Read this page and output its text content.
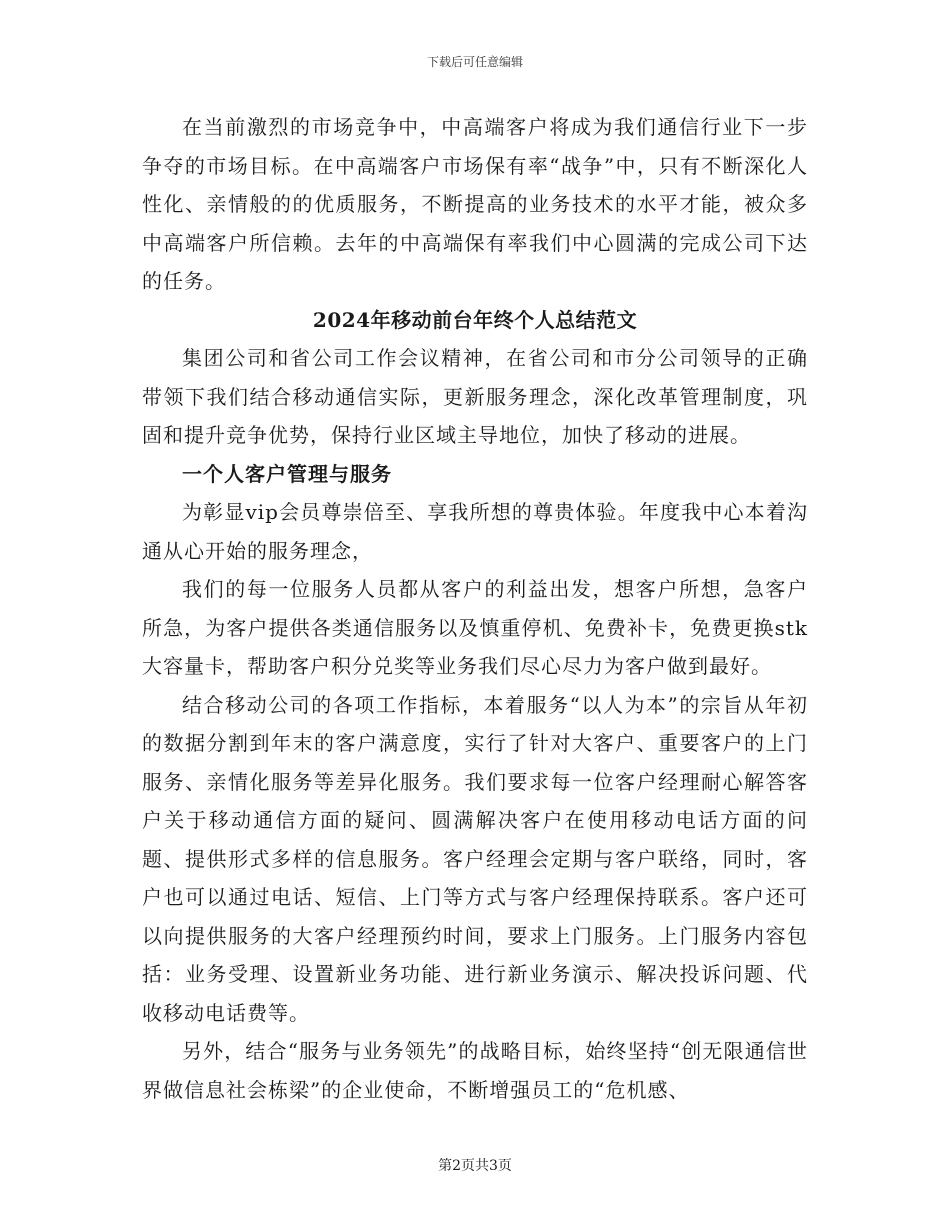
下载后可任意编辑

在当前激烈的市场竞争中，中高端客户将成为我们通信行业下一步争夺的市场目标。在中高端客户市场保有率“战争”中，只有不断深化人性化、亲情般的的优质服务，不断提高的业务技术的水平才能，被众多中高端客户所信赖。去年的中高端保有率我们中心圆满的完成公司下达的任务。

2024年移动前台年终个人总结范文

集团公司和省公司工作会议精神，在省公司和市分公司领导的正确带领下我们结合移动通信实际，更新服务理念，深化改革管理制度，巩固和提升竞争优势，保持行业区域主导地位，加快了移动的进展。

一个人客户管理与服务

为彰显vip会员尊崇倍至、享我所想的尊贵体验。年度我中心本着沟通从心开始的服务理念，

我们的每一位服务人员都从客户的利益出发，想客户所想，急客户所急，为客户提供各类通信服务以及慎重停机、免费补卡，免费更换stk大容量卡，帮助客户积分兑奖等业务我们尽心尽力为客户做到最好。

结合移动公司的各项工作指标，本着服务“以人为本”的宗旨从年初的数据分割到年末的客户满意度，实行了针对大客户、重要客户的上门服务、亲情化服务等差异化服务。我们要求每一位客户经理耐心解答客户关于移动通信方面的疑问、圆满解决客户在使用移动电话方面的问题、提供形式多样的信息服务。客户经理会定期与客户联络，同时，客户也可以通过电话、短信、上门等方式与客户经理保持联系。客户还可以向提供服务的大客户经理预约时间，要求上门服务。上门服务内容包括：业务受理、设置新业务功能、进行新业务演示、解决投诉问题、代收移动电话费等。

另外，结合“服务与业务领先”的战略目标，始终坚持“创无限通信世界做信息社会栋梁”的企业使命，不断增强员工的“危机感、

第2页共3页
